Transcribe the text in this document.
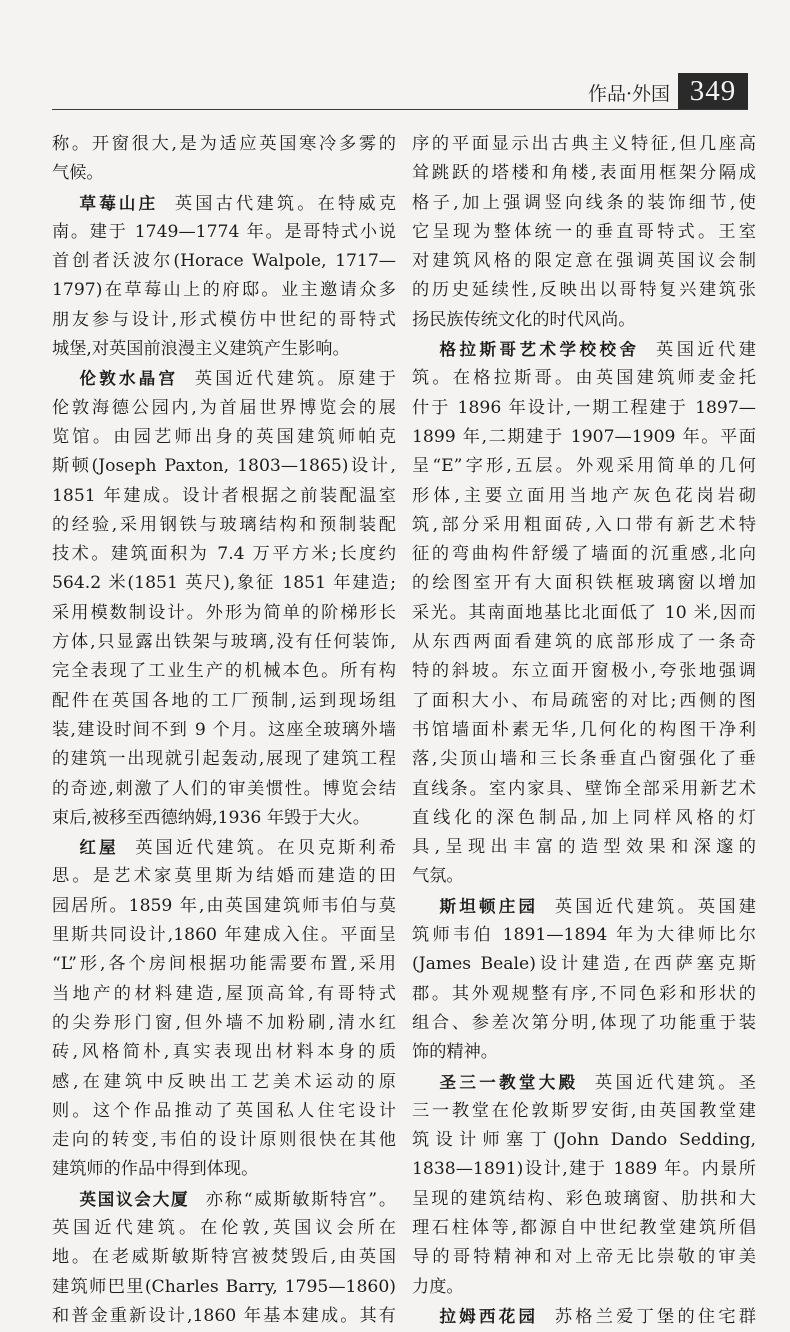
作品·外国 349
称。开窗很大,是为适应英国寒冷多雾的
气候。
草莓山庄 英国古代建筑。在特威克
南。建于 1749—1774 年。是哥特式小说
首创者沃波尔(Horace Walpole, 1717—
1797)在草莓山上的府邸。业主邀请众多
朋友参与设计,形式模仿中世纪的哥特式
城堡,对英国前浪漫主义建筑产生影响。
伦敦水晶宫 英国近代建筑。原建于
伦敦海德公园内,为首届世界博览会的展
览馆。由园艺师出身的英国建筑师帕克
斯顿(Joseph Paxton, 1803—1865)设计,
1851 年建成。设计者根据之前装配温室
的经验,采用钢铁与玻璃结构和预制装配
技术。建筑面积为 7.4 万平方米;长度约
564.2 米(1851 英尺),象征 1851 年建造;
采用模数制设计。外形为简单的阶梯形长
方体,只显露出铁架与玻璃,没有任何装饰,
完全表现了工业生产的机械本色。所有构
配件在英国各地的工厂预制,运到现场组
装,建设时间不到 9 个月。这座全玻璃外墙
的建筑一出现就引起轰动,展现了建筑工程
的奇迹,刺激了人们的审美惯性。博览会结
束后,被移至西德纳姆,1936 年毁于大火。
红屋 英国近代建筑。在贝克斯利希
思。是艺术家莫里斯为结婚而建造的田
园居所。1859 年,由英国建筑师韦伯与莫
里斯共同设计,1860 年建成入住。平面呈
“L”形,各个房间根据功能需要布置,采用
当地产的材料建造,屋顶高耸,有哥特式
的尖券形门窗,但外墙不加粉刷,清水红
砖,风格简朴,真实表现出材料本身的质
感,在建筑中反映出工艺美术运动的原
则。这个作品推动了英国私人住宅设计
走向的转变,韦伯的设计原则很快在其他
建筑师的作品中得到体现。
英国议会大厦 亦称“威斯敏斯特宫”。
英国近代建筑。在伦敦,英国议会所在
地。在老威斯敏斯特宫被焚毁后,由英国
建筑师巴里(Charles Barry, 1795—1860)
和普金重新设计,1860 年基本建成。其有
序的平面显示出古典主义特征,但几座高
耸跳跃的塔楼和角楼,表面用框架分隔成
格子,加上强调竖向线条的装饰细节,使
它呈现为整体统一的垂直哥特式。王室
对建筑风格的限定意在强调英国议会制
的历史延续性,反映出以哥特复兴建筑张
扬民族传统文化的时代风尚。
格拉斯哥艺术学校校舍 英国近代建
筑。在格拉斯哥。由英国建筑师麦金托
什于 1896 年设计,一期工程建于 1897—
1899 年,二期建于 1907—1909 年。平面
呈“E”字形,五层。外观采用简单的几何
形体,主要立面用当地产灰色花岗岩砌
筑,部分采用粗面砖,入口带有新艺术特
征的弯曲构件舒缓了墙面的沉重感,北向
的绘图室开有大面积铁框玻璃窗以增加
采光。其南面地基比北面低了 10 米,因而
从东西两面看建筑的底部形成了一条奇
特的斜坡。东立面开窗极小,夸张地强调
了面积大小、布局疏密的对比;西侧的图
书馆墙面朴素无华,几何化的构图干净利
落,尖顶山墙和三长条垂直凸窗强化了垂
直线条。室内家具、壁饰全部采用新艺术
直线化的深色制品,加上同样风格的灯
具,呈现出丰富的造型效果和深邃的
气氛。
斯坦顿庄园 英国近代建筑。英国建
筑师韦伯 1891—1894 年为大律师比尔
(James Beale)设计建造,在西萨塞克斯
郡。其外观规整有序,不同色彩和形状的
组合、参差次第分明,体现了功能重于装
饰的精神。
圣三一教堂大殿 英国近代建筑。圣
三一教堂在伦敦斯罗安街,由英国教堂建
筑设计师塞丁(John Dando Sedding,
1838—1891)设计,建于 1889 年。内景所
呈现的建筑结构、彩色玻璃窗、肋拱和大
理石柱体等,都源自中世纪教堂建筑所倡
导的哥特精神和对上帝无比崇敬的审美
力度。
拉姆西花园 苏格兰爱丁堡的住宅群
